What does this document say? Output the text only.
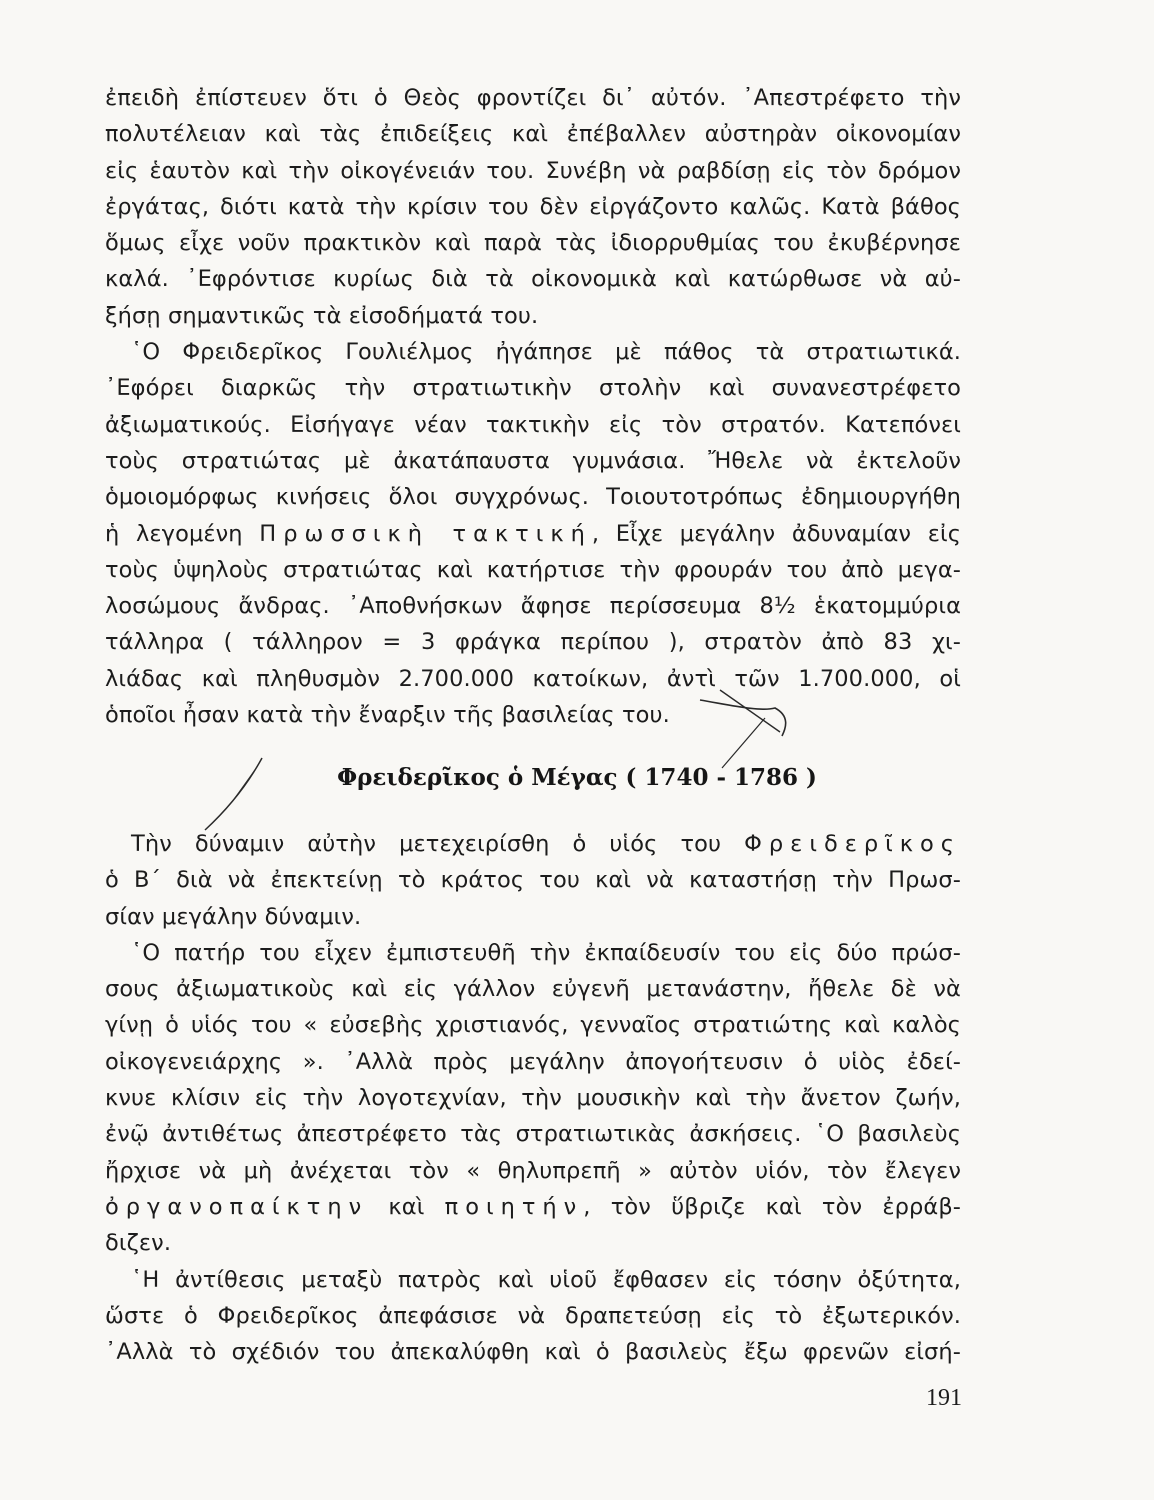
ἐπειδὴ ἐπίστευεν ὅτι ὁ Θεὸς φροντίζει δι᾽ αὐτόν. ᾿Απεστρέφετο τὴν
πολυτέλειαν καὶ τὰς ἐπιδείξεις καὶ ἐπέβαλλεν αὐστηρὰν οἰκονομίαν
εἰς ἑαυτὸν καὶ τὴν οἰκογένειάν του. Συνέβη νὰ ραβδίσῃ εἰς τὸν δρόμον
ἐργάτας, διότι κατὰ τὴν κρίσιν του δὲν εἰργάζοντο καλῶς. Κατὰ βάθος
ὅμως εἶχε νοῦν πρακτικὸν καὶ παρὰ τὰς ἰδιορρυθμίας του ἐκυβέρνησε
καλά. ᾿Εφρόντισε κυρίως διὰ τὰ οἰκονομικὰ καὶ κατώρθωσε νὰ αὐ-
ξήσῃ σημαντικῶς τὰ εἰσοδήματά του.
῾Ο Φρειδερῖκος Γουλιέλμος ἠγάπησε μὲ πάθος τὰ στρατιωτικά.
᾿Εφόρει διαρκῶς τὴν στρατιωτικὴν στολὴν καὶ συνανεστρέφετο
ἀξιωματικούς. Εἰσήγαγε νέαν τακτικὴν εἰς τὸν στρατόν. Κατεπόνει
τοὺς στρατιώτας μὲ ἀκατάπαυστα γυμνάσια. Ἤθελε νὰ ἐκτελοῦν
ὁμοιομόρφως κινήσεις ὅλοι συγχρόνως. Τοιουτοτρόπως ἐδημιουργήθη
ἡ λεγομένη Πρωσσικὴ τακτική, Εἶχε μεγάλην ἀδυναμίαν εἰς
τοὺς ὑψηλοὺς στρατιώτας καὶ κατήρτισε τὴν φρουράν του ἀπὸ μεγα-
λοσώμους ἄνδρας. ᾿Αποθνήσκων ἄφησε περίσσευμα 8½ ἑκατομμύρια
τάλληρα ( τάλληρον = 3 φράγκα περίπου ), στρατὸν ἀπὸ 83 χι-
λιάδας καὶ πληθυσμὸν 2.700.000 κατοίκων, ἀντὶ τῶν 1.700.000, οἱ
ὁποῖοι ἦσαν κατὰ τὴν ἔναρξιν τῆς βασιλείας του.
Φρειδερῖκος ὁ Μέγας ( 1740 - 1786 )
Τὴν δύναμιν αὐτὴν μετεχειρίσθη ὁ υἱός του Φρειδερῖκος
ὁ Β΄ διὰ νὰ ἐπεκτείνῃ τὸ κράτος του καὶ νὰ καταστήσῃ τὴν Πρωσ-
σίαν μεγάλην δύναμιν.
῾Ο πατήρ του εἶχεν ἐμπιστευθῆ τὴν ἐκπαίδευσίν του εἰς δύο πρώσ-
σους ἀξιωματικοὺς καὶ εἰς γάλλον εὐγενῆ μετανάστην, ἤθελε δὲ νὰ
γίνῃ ὁ υἱός του « εὐσεβὴς χριστιανός, γενναῖος στρατιώτης καὶ καλὸς
οἰκογενειάρχης ». ᾿Αλλὰ πρὸς μεγάλην ἀπογοήτευσιν ὁ υἱὸς ἐδεί-
κνυε κλίσιν εἰς τὴν λογοτεχνίαν, τὴν μουσικὴν καὶ τὴν ἄνετον ζωήν,
ἐνῷ ἀντιθέτως ἀπεστρέφετο τὰς στρατιωτικὰς ἀσκήσεις. ῾Ο βασιλεὺς
ἤρχισε νὰ μὴ ἀνέχεται τὸν « θηλυπρεπῆ » αὐτὸν υἱόν, τὸν ἔλεγεν
ὀργανοπαίκτην καὶ ποιητήν, τὸν ὕβριζε καὶ τὸν ἐρράβ-
διζεν.
῾Η ἀντίθεσις μεταξὺ πατρὸς καὶ υἱοῦ ἔφθασεν εἰς τόσην ὀξύτητα,
ὥστε ὁ Φρειδερῖκος ἀπεφάσισε νὰ δραπετεύσῃ εἰς τὸ ἐξωτερικόν.
᾿Αλλὰ τὸ σχέδιόν του ἀπεκαλύφθη καὶ ὁ βασιλεὺς ἔξω φρενῶν εἰσή-
191
